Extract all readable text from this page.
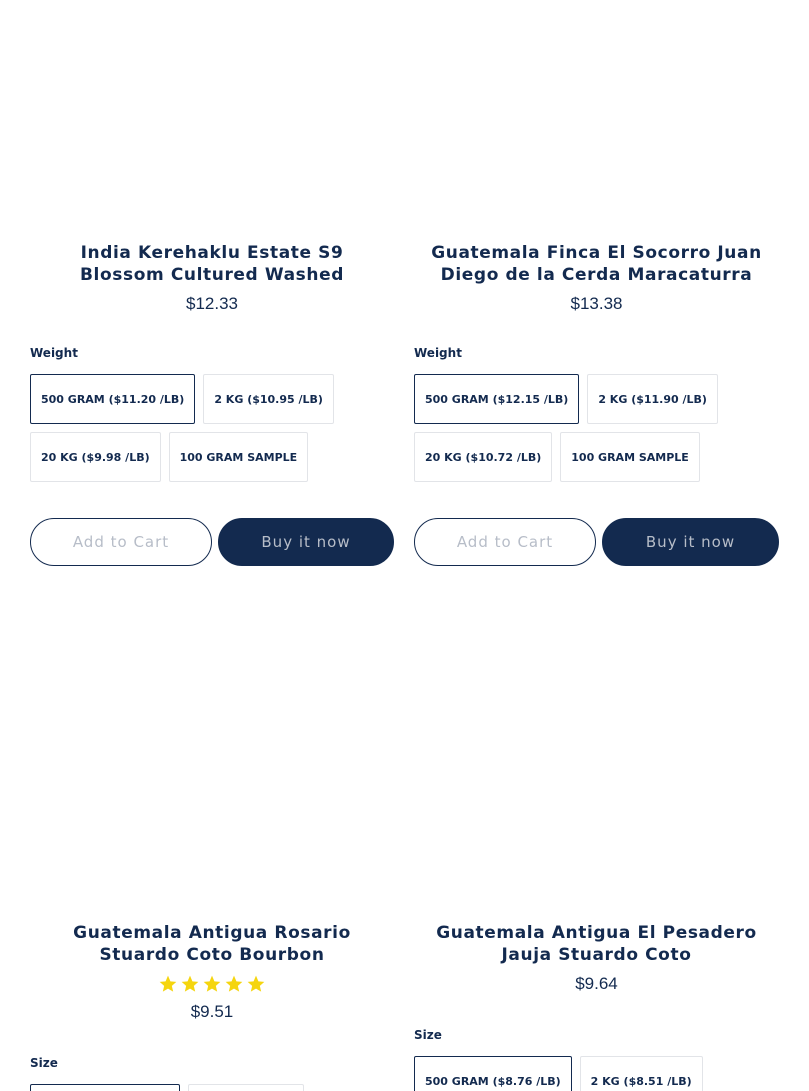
India Kerehaklu Estate S9 Blossom Cultured Washed
$12.33
Weight
500 GRAM ($11.20 /LB)	2 KG ($10.95 /LB)
20 KG ($9.98 /LB)	100 GRAM SAMPLE
Add to Cart	Buy it now
Guatemala Finca El Socorro Juan Diego de la Cerda Maracaturra
$13.38
Weight
500 GRAM ($12.15 /LB)	2 KG ($11.90 /LB)
20 KG ($10.72 /LB)	100 GRAM SAMPLE
Add to Cart	Buy it now
Guatemala Antigua Rosario Stuardo Coto Bourbon
$9.51
Size
Guatemala Antigua El Pesadero Jauja Stuardo Coto
$9.64
Size
500 GRAM ($8.76 /LB)	2 KG ($8.51 /LB)
